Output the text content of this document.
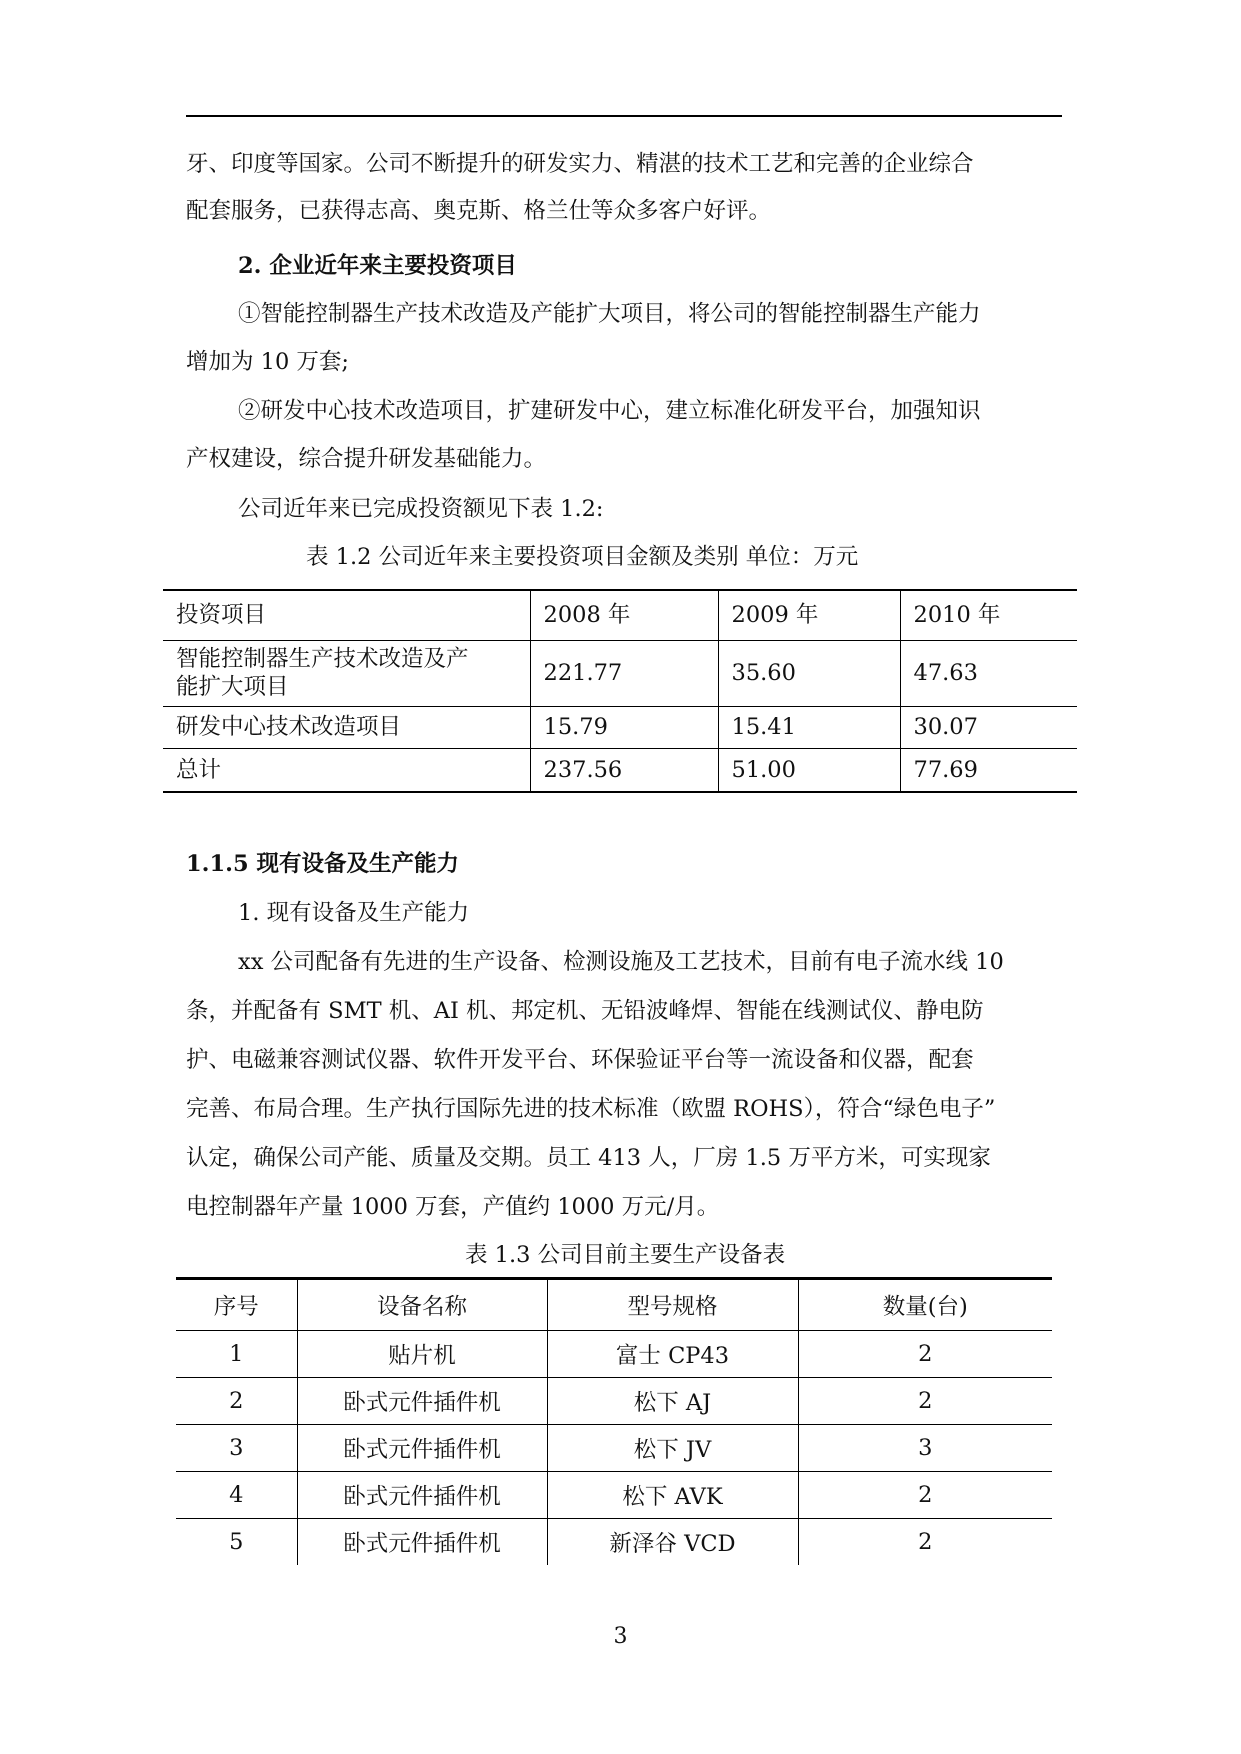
牙、印度等国家。公司不断提升的研发实力、精湛的技术工艺和完善的企业综合
配套服务，已获得志高、奥克斯、格兰仕等众多客户好评。
2. 企业近年来主要投资项目
①智能控制器生产技术改造及产能扩大项目，将公司的智能控制器生产能力
增加为 10 万套;
②研发中心技术改造项目，扩建研发中心，建立标准化研发平台，加强知识
产权建设，综合提升研发基础能力。
公司近年来已完成投资额见下表 1.2:
表 1.2 公司近年来主要投资项目金额及类别 单位：万元
投资项目	2008 年	2009 年	2010 年

智能控制器生产技术改造及产
能扩大项目	221.77	35.60	47.63
研发中心技术改造项目	15.79	15.41	30.07
总计	237.56	51.00	77.69
1.1.5 现有设备及生产能力
1. 现有设备及生产能力
xx 公司配备有先进的生产设备、检测设施及工艺技术，目前有电子流水线 10
条，并配备有 SMT 机、AI 机、邦定机、无铅波峰焊、智能在线测试仪、静电防
护、电磁兼容测试仪器、软件开发平台、环保验证平台等一流设备和仪器，配套
完善、布局合理。生产执行国际先进的技术标准（欧盟 ROHS），符合“绿色电子”
认定，确保公司产能、质量及交期。员工 413 人，厂房 1.5 万平方米，可实现家
电控制器年产量 1000 万套，产值约 1000 万元/月。
表 1.3 公司目前主要生产设备表
序号	设备名称	型号规格	数量(台)
1	贴片机	富士 CP43	2
2	卧式元件插件机	松下 AJ	2
3	卧式元件插件机	松下 JV	3
4	卧式元件插件机	松下 AVK	2
5	卧式元件插件机	新泽谷 VCD	2
3
